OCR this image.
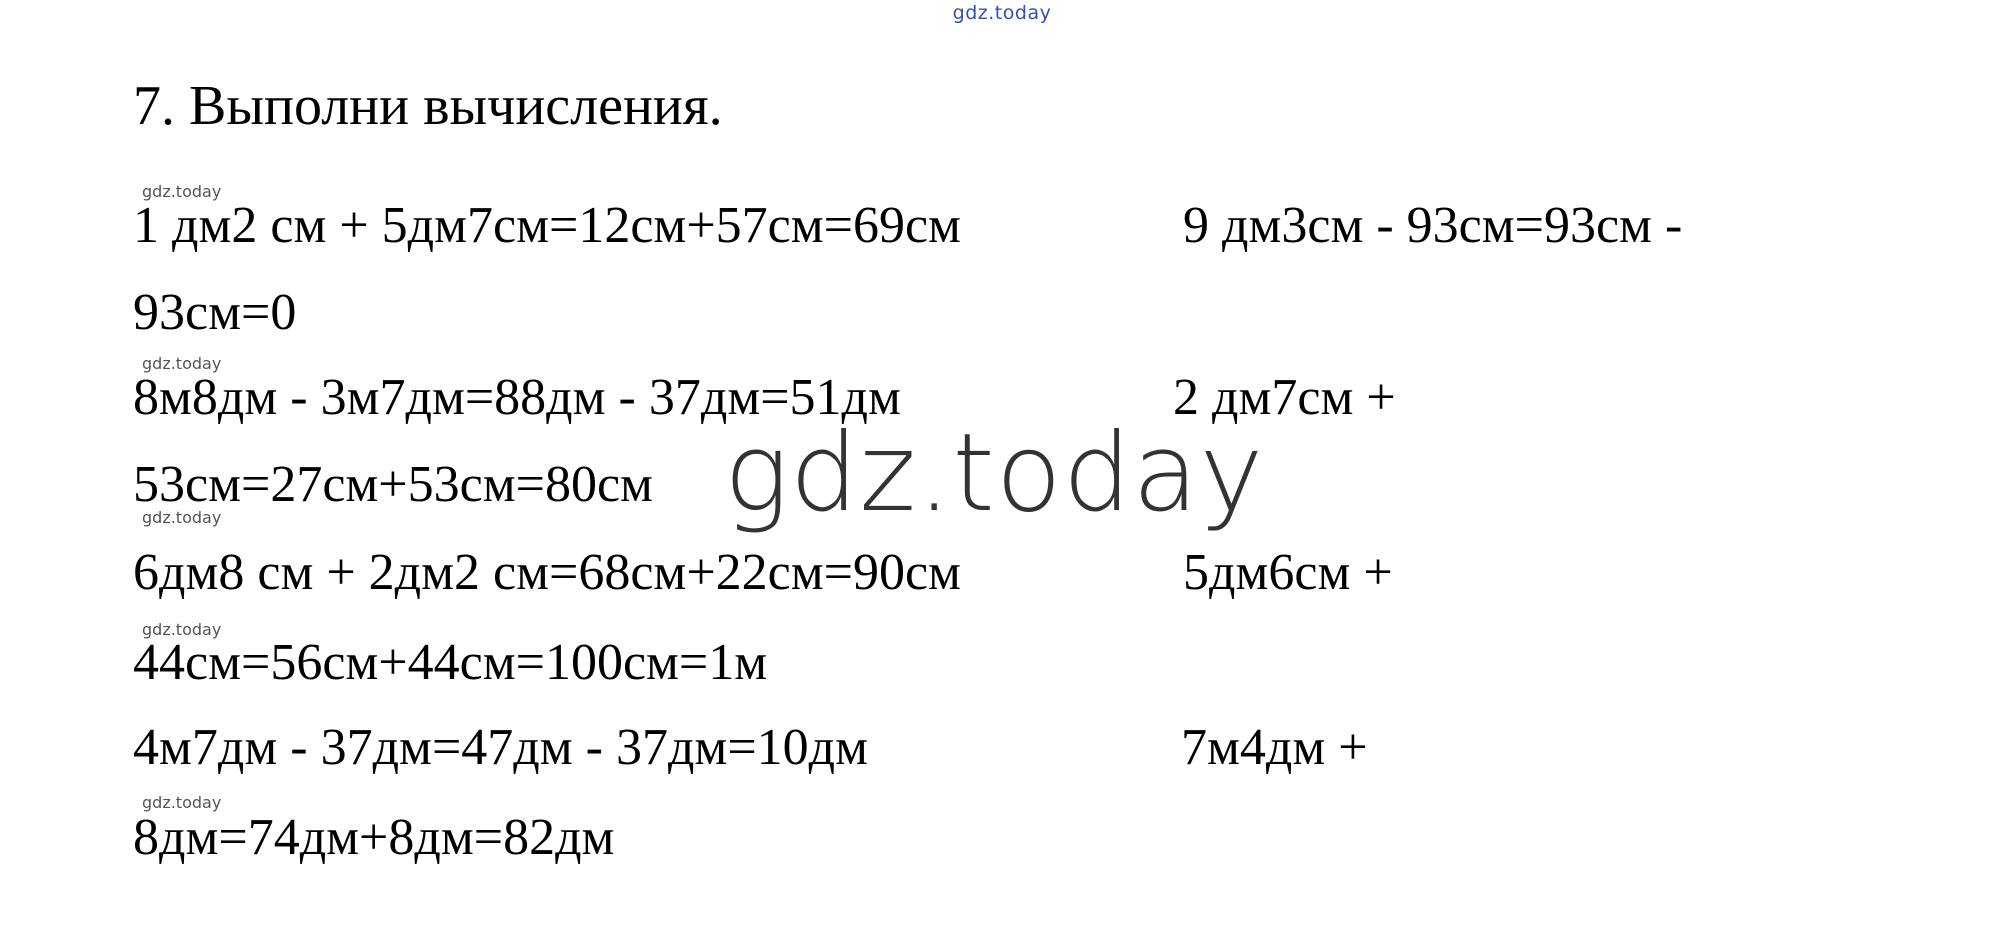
gdz.today
7. Выполни вычисления.
gdz.today
1 дм2 см + 5дм7см=12см+57см=69см	9 дм3см - 93см=93см -
93см=0
gdz.today
8м8дм - 3м7дм=88дм - 37дм=51дм	2 дм7см +
53см=27см+53см=80см
gdz.today
6дм8 см + 2дм2 см=68см+22см=90см	5дм6см +
gdz.today
44см=56см+44см=100см=1м
4м7дм - 37дм=47дм - 37дм=10дм	7м4дм +
gdz.today
8дм=74дм+8дм=82дм
gdz.today
